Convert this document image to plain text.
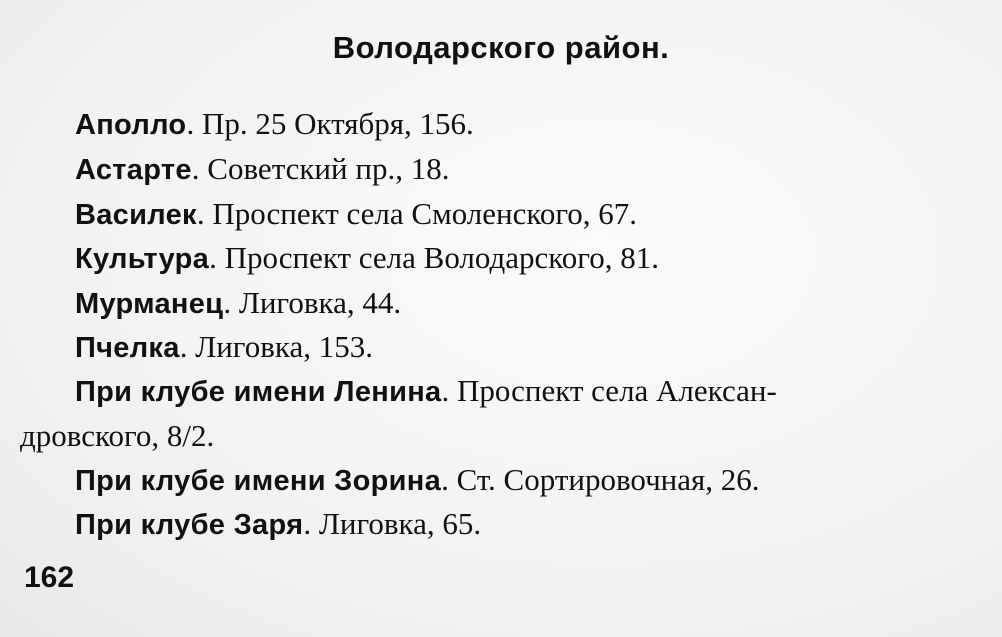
Володарского район.
Аполло. Пр. 25 Октября, 156.
Астарте. Советский пр., 18.
Василек. Проспект села Смоленского, 67.
Культура. Проспект села Володарского, 81.
Мурманец. Лиговка, 44.
Пчелка. Лиговка, 153.
При клубе имени Ленина. Проспект села Алексан-
дровского, 8/2.
При клубе имени Зорина. Ст. Сортировочная, 26.
При клубе Заря. Лиговка, 65.
162
